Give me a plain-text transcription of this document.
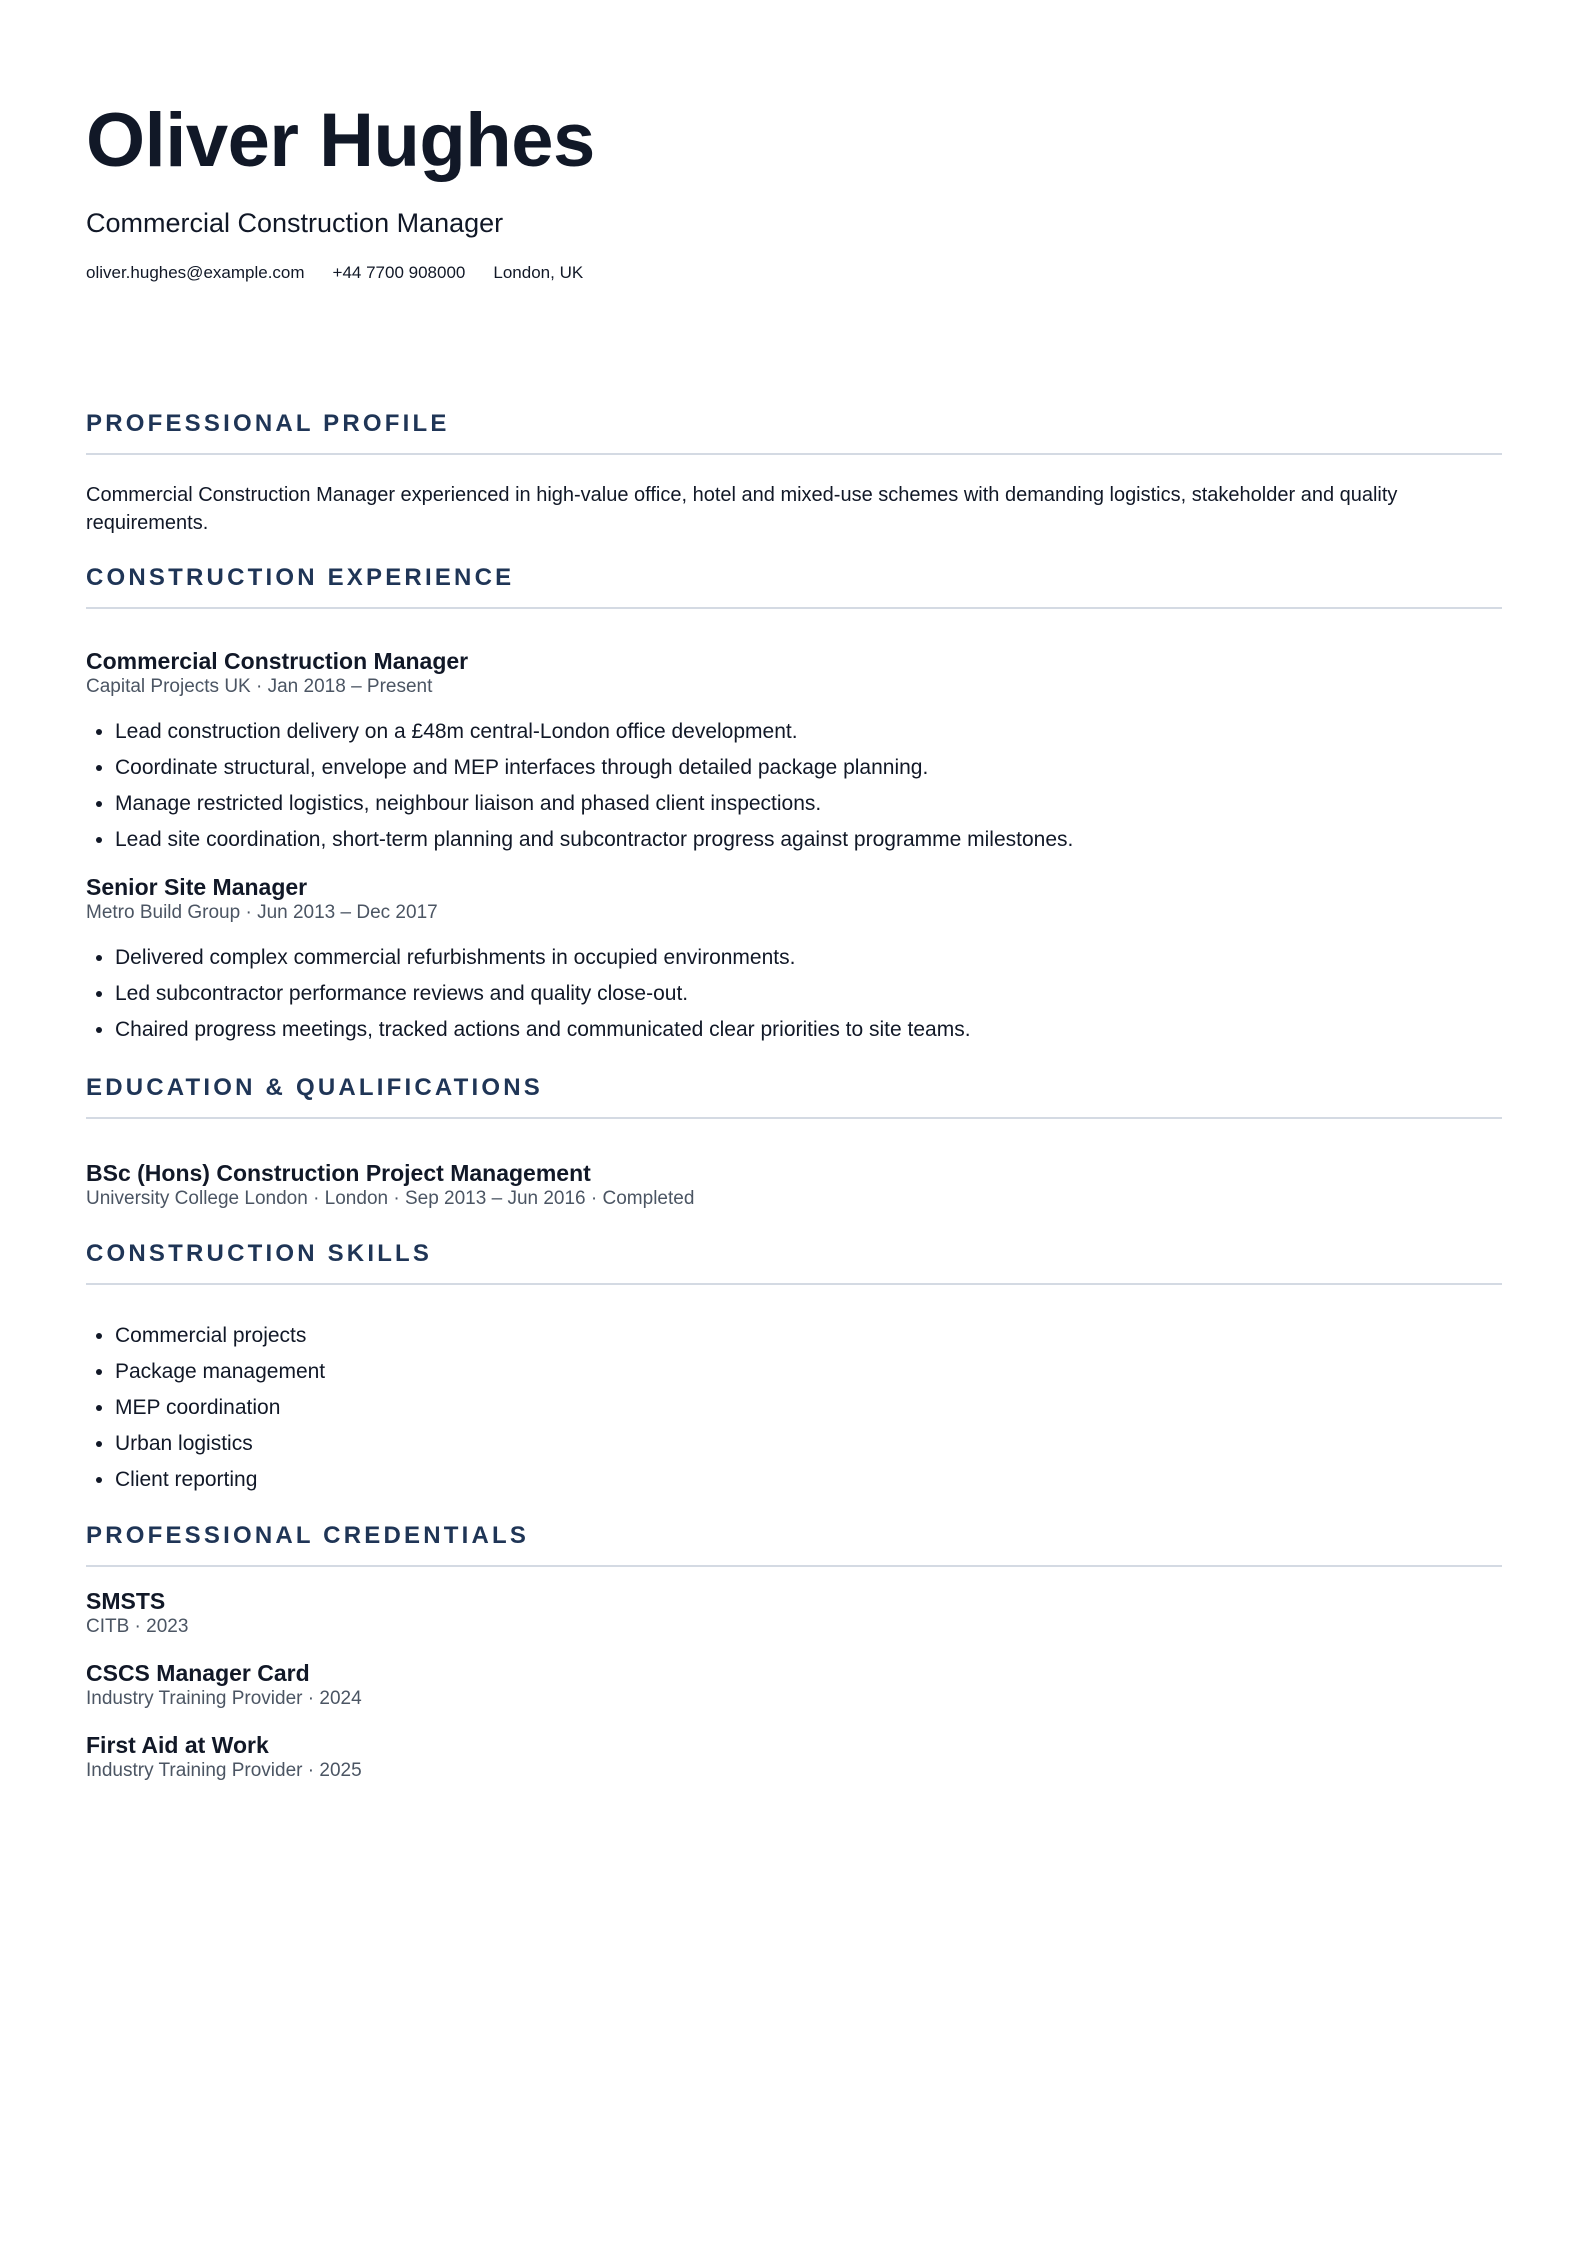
Oliver Hughes
Commercial Construction Manager
oliver.hughes@example.com +44 7700 908000 London, UK
PROFESSIONAL PROFILE

Commercial Construction Manager experienced in high-value office, hotel and mixed-use schemes with demanding logistics, stakeholder and quality requirements.

CONSTRUCTION EXPERIENCE
Commercial Construction Manager
Capital Projects UK · Jan 2018 – Present
• Lead construction delivery on a £48m central-London office development.
• Coordinate structural, envelope and MEP interfaces through detailed package planning.
• Manage restricted logistics, neighbour liaison and phased client inspections.
• Lead site coordination, short-term planning and subcontractor progress against programme milestones.
Senior Site Manager
Metro Build Group · Jun 2013 – Dec 2017
• Delivered complex commercial refurbishments in occupied environments.
• Led subcontractor performance reviews and quality close-out.
• Chaired progress meetings, tracked actions and communicated clear priorities to site teams.
EDUCATION & QUALIFICATIONS
BSc (Hons) Construction Project Management
University College London · London · Sep 2013 – Jun 2016 · Completed
CONSTRUCTION SKILLS
• Commercial projects
• Package management
• MEP coordination
• Urban logistics
• Client reporting
PROFESSIONAL CREDENTIALS
SMSTS
CITB · 2023
CSCS Manager Card
Industry Training Provider · 2024
First Aid at Work
Industry Training Provider · 2025
